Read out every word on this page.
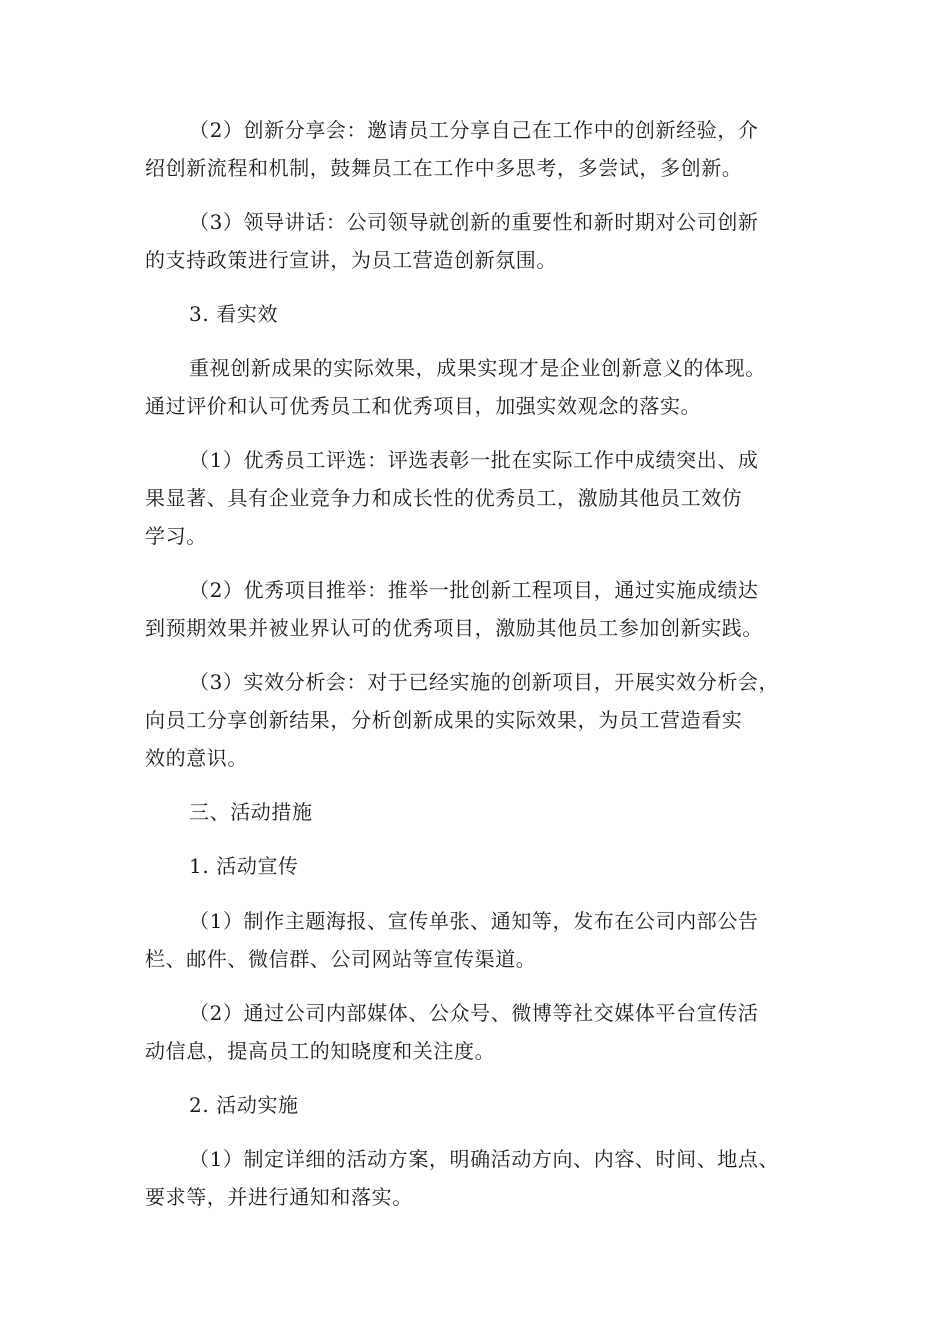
（2）创新分享会：邀请员工分享自己在工作中的创新经验，介
绍创新流程和机制，鼓舞员工在工作中多思考，多尝试，多创新。

（3）领导讲话：公司领导就创新的重要性和新时期对公司创新
的支持政策进行宣讲，为员工营造创新氛围。

3. 看实效

重视创新成果的实际效果，成果实现才是企业创新意义的体现。
通过评价和认可优秀员工和优秀项目，加强实效观念的落实。

（1）优秀员工评选：评选表彰一批在实际工作中成绩突出、成
果显著、具有企业竞争力和成长性的优秀员工，激励其他员工效仿
学习。

（2）优秀项目推举：推举一批创新工程项目，通过实施成绩达
到预期效果并被业界认可的优秀项目，激励其他员工参加创新实践。

（3）实效分析会：对于已经实施的创新项目，开展实效分析会，
向员工分享创新结果，分析创新成果的实际效果，为员工营造看实
效的意识。

三、活动措施

1. 活动宣传

（1）制作主题海报、宣传单张、通知等，发布在公司内部公告
栏、邮件、微信群、公司网站等宣传渠道。

（2）通过公司内部媒体、公众号、微博等社交媒体平台宣传活
动信息，提高员工的知晓度和关注度。

2. 活动实施

（1）制定详细的活动方案，明确活动方向、内容、时间、地点、
要求等，并进行通知和落实。
